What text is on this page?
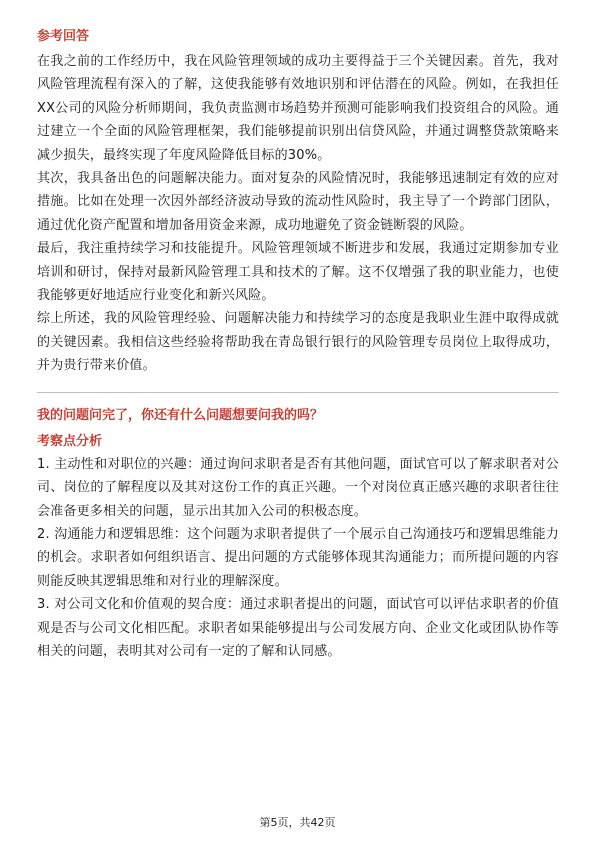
参考回答

在我之前的工作经历中，我在风险管理领域的成功主要得益于三个关键因素。首先，我对风险管理流程有深入的了解，这使我能够有效地识别和评估潜在的风险。例如，在我担任XX公司的风险分析师期间，我负责监测市场趋势并预测可能影响我们投资组合的风险。通过建立一个全面的风险管理框架，我们能够提前识别出信贷风险，并通过调整贷款策略来减少损失，最终实现了年度风险降低目标的30%。

其次，我具备出色的问题解决能力。面对复杂的风险情况时，我能够迅速制定有效的应对措施。比如在处理一次因外部经济波动导致的流动性风险时，我主导了一个跨部门团队，通过优化资产配置和增加备用资金来源，成功地避免了资金链断裂的风险。

最后，我注重持续学习和技能提升。风险管理领域不断进步和发展，我通过定期参加专业培训和研讨，保持对最新风险管理工具和技术的了解。这不仅增强了我的职业能力，也使我能够更好地适应行业变化和新兴风险。

综上所述，我的风险管理经验、问题解决能力和持续学习的态度是我职业生涯中取得成就的关键因素。我相信这些经验将帮助我在青岛银行银行的风险管理专员岗位上取得成功，并为贵行带来价值。

我的问题问完了，你还有什么问题想要问我的吗？
考察点分析

1. 主动性和对职位的兴趣：通过询问求职者是否有其他问题，面试官可以了解求职者对公司、岗位的了解程度以及其对这份工作的真正兴趣。一个对岗位真正感兴趣的求职者往往会准备更多相关的问题，显示出其加入公司的积极态度。

2. 沟通能力和逻辑思维：这个问题为求职者提供了一个展示自己沟通技巧和逻辑思维能力的机会。求职者如何组织语言、提出问题的方式能够体现其沟通能力；而所提问题的内容则能反映其逻辑思维和对行业的理解深度。

3. 对公司文化和价值观的契合度：通过求职者提出的问题，面试官可以评估求职者的价值观是否与公司文化相匹配。求职者如果能够提出与公司发展方向、企业文化或团队协作等相关的问题，表明其对公司有一定的了解和认同感。

第5页，共42页
